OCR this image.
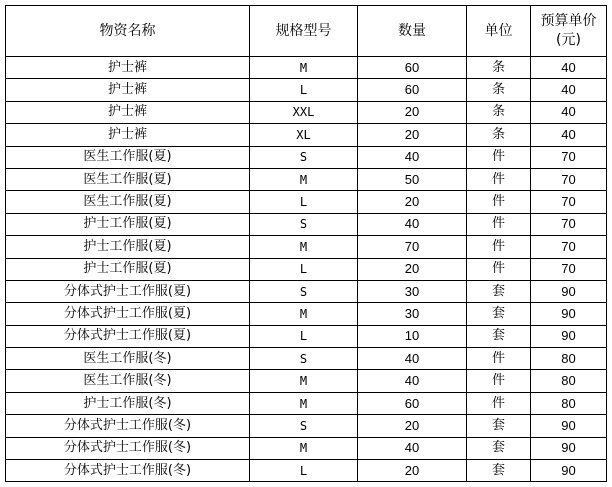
物资名称	规格型号	数量	单位	预算单价(元)
护士裤	M	60	条	40
护士裤	L	60	条	40
护士裤	XXL	20	条	40
护士裤	XL	20	条	40
医生工作服(夏)	S	40	件	70
医生工作服(夏)	M	50	件	70
医生工作服(夏)	L	20	件	70
护士工作服(夏)	S	40	件	70
护士工作服(夏)	M	70	件	70
护士工作服(夏)	L	20	件	70
分体式护士工作服(夏)	S	30	套	90
分体式护士工作服(夏)	M	30	套	90
分体式护士工作服(夏)	L	10	套	90
医生工作服(冬)	S	40	件	80
医生工作服(冬)	M	40	件	80
护士工作服(冬)	M	60	件	80
分体式护士工作服(冬)	S	20	套	90
分体式护士工作服(冬)	M	40	套	90
分体式护士工作服(冬)	L	20	套	90
